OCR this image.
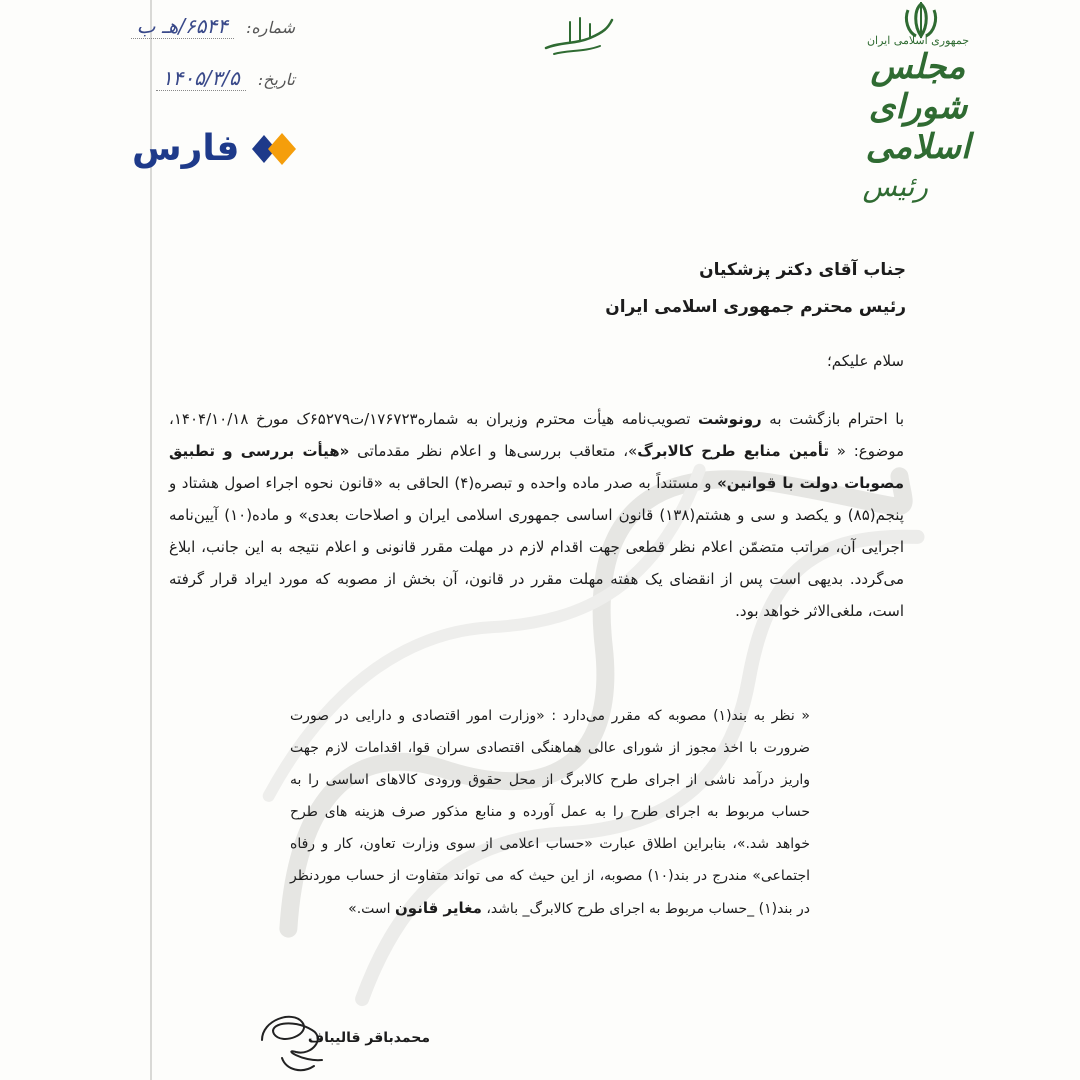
شماره:
۶۵۴۴/هـ ب
تاریخ:
۱۴۰۵/۳/۵
فارس
جمهوری اسلامی ایران
مجلس شورای اسلامی
رئیس
جناب آقای دکتر پزشکیان
رئیس محترم جمهوری اسلامی ایران
سلام علیکم؛
با احترام بازگشت به رونوشت تصویب‌نامه هیأت محترم وزیران به شماره۱۷۶۷۲۳/ت۶۵۲۷۹ک مورخ ۱۴۰۴/۱۰/۱۸، موضوع: « تأمین منابع طرح کالابرگ»، متعاقب بررسی‌ها و اعلام نظر مقدماتی «هیأت بررسی و تطبیق مصوبات دولت با قوانین» و مستنداً به صدر ماده واحده و تبصره(۴) الحاقی به «قانون نحوه اجراء اصول هشتاد و پنجم(۸۵) و یکصد و سی و هشتم(۱۳۸) قانون اساسی جمهوری اسلامی ایران و اصلاحات بعدی» و ماده(۱۰) آیین‌نامه اجرایی آن، مراتب متضمّن اعلام نظر قطعی جهت اقدام لازم در مهلت مقرر قانونی و اعلام نتیجه به این جانب، ابلاغ می‌گردد. بدیهی است پس از انقضای یک هفته مهلت مقرر در قانون، آن بخش از مصوبه که مورد ایراد قرار گرفته است، ملغی‌الاثر خواهد بود.
« نظر به بند(۱) مصوبه که مقرر می‌دارد : «وزارت امور اقتصادی و دارایی در صورت ضرورت با اخذ مجوز از شورای عالی هماهنگی اقتصادی سران قوا، اقدامات لازم جهت واریز درآمد ناشی از اجرای طرح کالابرگ از محل حقوق ورودی کالاهای اساسی را به حساب مربوط به اجرای طرح را به عمل آورده و منابع مذکور صرف هزینه های طرح خواهد شد.»، بنابراین اطلاق عبارت «حساب اعلامی از سوی وزارت تعاون، کار و رفاه اجتماعی» مندرج در بند(۱۰) مصوبه، از این حیث که می تواند متفاوت از حساب موردنظر در بند(۱) _حساب مربوط به اجرای طرح کالابرگ_ باشد، مغایر قانون است.»
محمدباقر قالیباف
